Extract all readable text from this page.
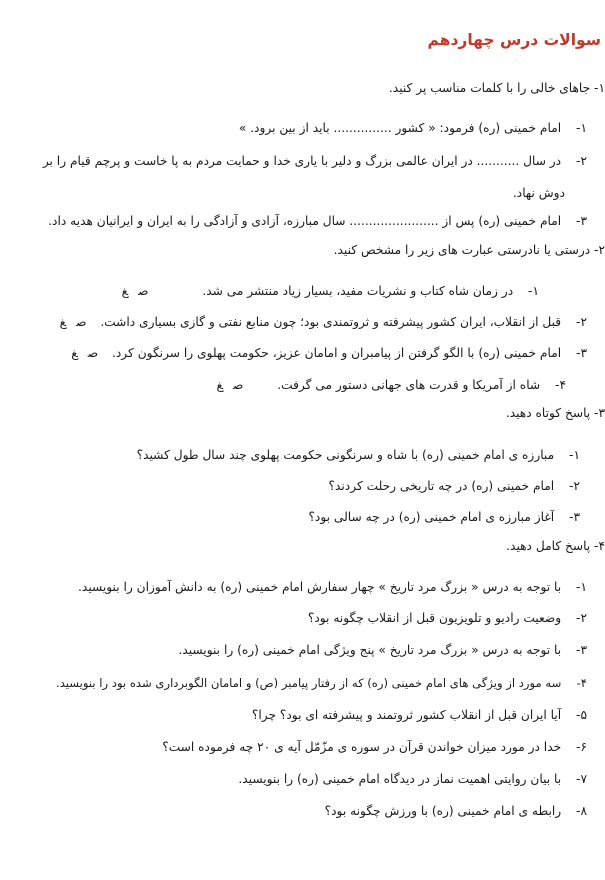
سوالات درس چهاردهم
۱- جاهای خالی را با کلمات مناسب پر کنید.
۱- امام خمینی (ره) فرمود: « کشور ............... باید از بین برود. »
۲- در سال ........... در ایران عالمی بزرگ و دلیر با یاری خدا و حمایت مردم به پا خاست و پرچم قیام را بر
دوش نهاد.
۳- امام خمینی (ره) پس از ....................... سال مبارزه، آزادی و آزادگی را به ایران و ایرانیان هدیه داد.
۲- درستی یا نادرستی عبارت های زیر را مشخص کنید.
۱- در زمان شاه کتاب و نشریات مفید، بسیار زیاد منتشر می شد. صغ
۲- قبل از انقلاب، ایران کشور پیشرفته و ثروتمندی بود؛ چون منابع نفتی و گازی بسیاری داشت. صغ
۳- امام خمینی (ره) با الگو گرفتن از پیامبران و امامان عزیز، حکومت پهلوی را سرنگون کرد. صغ
۴- شاه از آمریکا و قدرت های جهانی دستور می گرفت. صغ
۳- پاسخ کوتاه دهید.
۱- مبارزه ی امام خمینی (ره) با شاه و سرنگونی حکومت پهلوی چند سال طول کشید؟
۲- امام خمینی (ره) در چه تاریخی رحلت کردند؟
۳- آغاز مبارزه ی امام خمینی (ره) در چه سالی بود؟
۴- پاسخ کامل دهید.
۱- با توجه به درس « بزرگ مرد تاریخ » چهار سفارش امام خمینی (ره) به دانش آموزان را بنویسید.
۲- وضعیت رادیو و تلویزیون قبل از انقلاب چگونه بود؟
۳- با توجه به درس « بزرگ مرد تاریخ » پنج ویژگی امام خمینی (ره) را بنویسید.
۴- سه مورد از ویژگی های امام خمینی (ره) که از رفتار پیامبر (ص) و امامان الگوبرداری شده بود را بنویسید.
۵- آیا ایران قبل از انقلاب کشور ثروتمند و پیشرفته ای بود؟ چرا؟
۶- خدا در مورد میزان خواندن قرآن در سوره ی مزّمّل آیه ی ۲۰ چه فرموده است؟
۷- با بیان روایتی اهمیت نماز در دیدگاه امام خمینی (ره) را بنویسید.
۸- رابطه ی امام خمینی (ره) با ورزش چگونه بود؟
